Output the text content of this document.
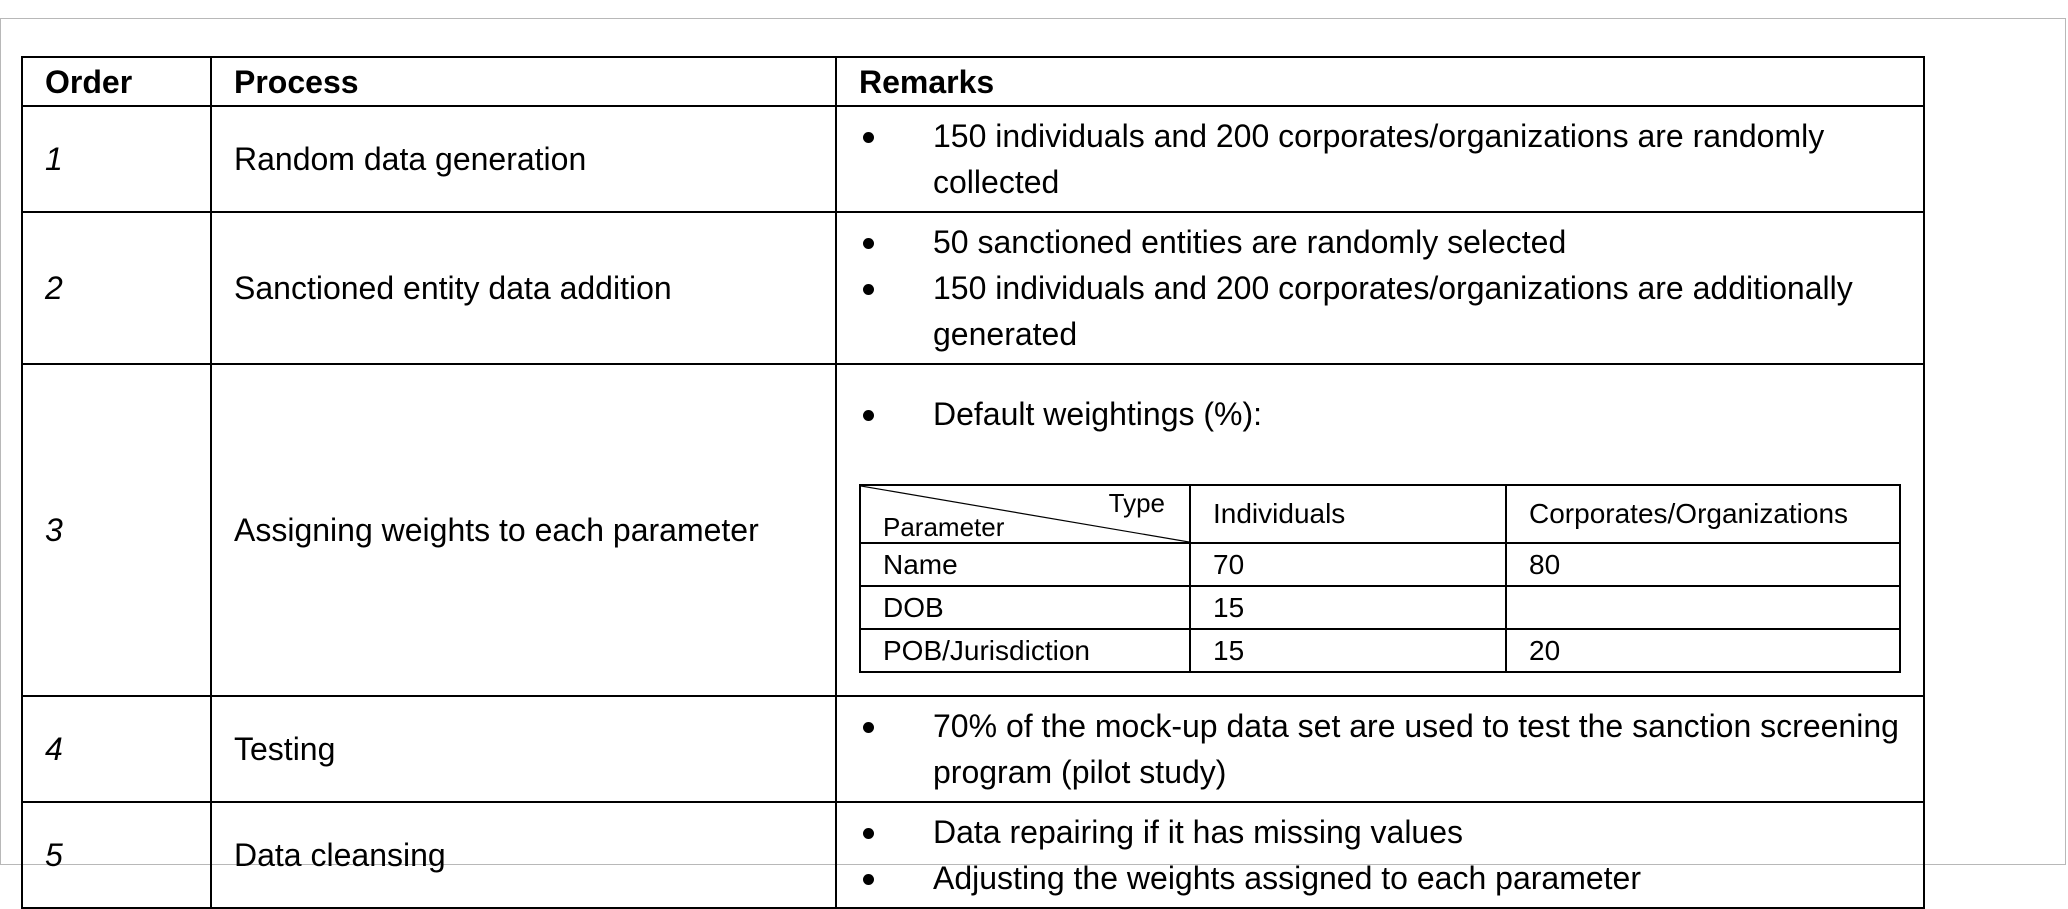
Order	Process	Remarks
1	Random data generation	
150 individuals and 200 corporates/organizations are randomly collected

2	Sanctioned entity data addition	
50 sanctioned entities are randomly selected
150 individuals and 200 corporates/organizations are additionally generated

3	Assigning weights to each parameter	
Default weightings (%):
Type
Parameter	Individuals	Corporates/Organizations
Name	70	80
DOB	15	
POB/Jurisdiction	15	20

4	Testing	
70% of the mock-up data set are used to test the sanction screening program (pilot study)

5	Data cleansing	
Data repairing if it has missing values
Adjusting the weights assigned to each parameter
